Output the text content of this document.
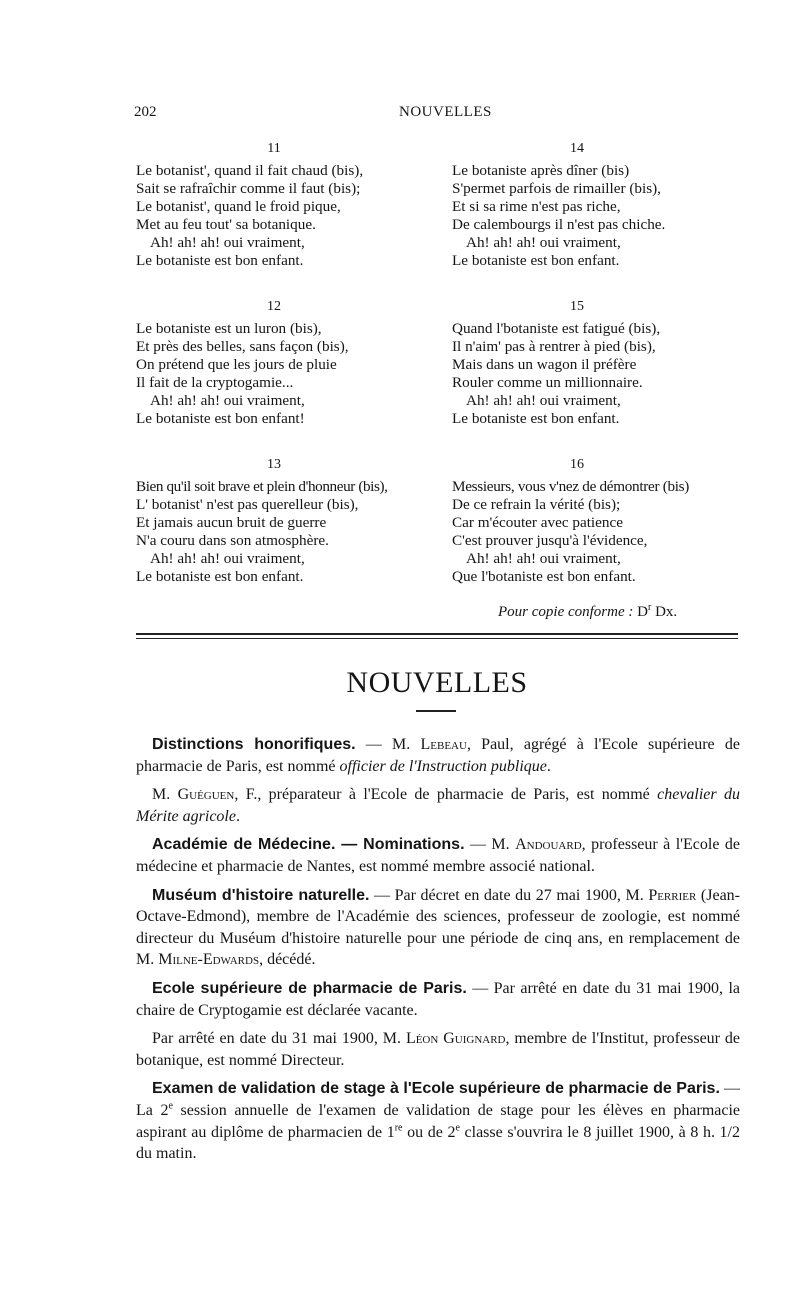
202	NOUVELLES
11
Le botanist', quand il fait chaud (bis),
Sait se rafraîchir comme il faut (bis);
Le botanist', quand le froid pique,
Met au feu tout' sa botanique.
Ah! ah! ah! oui vraiment,
Le botaniste est bon enfant.
12
Le botaniste est un luron (bis),
Et près des belles, sans façon (bis),
On prétend que les jours de pluie
Il fait de la cryptogamie...
Ah! ah! ah! oui vraiment,
Le botaniste est bon enfant!
13
Bien qu'il soit brave et plein d'honneur (bis),
L' botanist' n'est pas querelleur (bis),
Et jamais aucun bruit de guerre
N'a couru dans son atmosphère.
Ah! ah! ah! oui vraiment,
Le botaniste est bon enfant.
14
Le botaniste après dîner (bis)
S'permet parfois de rimailler (bis),
Et si sa rime n'est pas riche,
De calembourgs il n'est pas chiche.
Ah! ah! ah! oui vraiment,
Le botaniste est bon enfant.
15
Quand l'botaniste est fatigué (bis),
Il n'aim' pas à rentrer à pied (bis),
Mais dans un wagon il préfère
Rouler comme un millionnaire.
Ah! ah! ah! oui vraiment,
Le botaniste est bon enfant.
16
Messieurs, vous v'nez de démontrer (bis)
De ce refrain la vérité (bis);
Car m'écouter avec patience
C'est prouver jusqu'à l'évidence,
Ah! ah! ah! oui vraiment,
Que l'botaniste est bon enfant.
Pour copie conforme : $D^r$ Dx.
NOUVELLES

Distinctions honorifiques. — M. Lebeau, Paul, agrégé à l'Ecole supérieure de pharmacie de Paris, est nommé officier de l'Instruction publique.

M. Guéguen, F., préparateur à l'Ecole de pharmacie de Paris, est nommé chevalier du Mérite agricole.

Académie de Médecine. — Nominations. — M. Andouard, professeur à l'Ecole de médecine et pharmacie de Nantes, est nommé membre associé national.

Muséum d'histoire naturelle. — Par décret en date du 27 mai 1900, M. Perrier (Jean-Octave-Edmond), membre de l'Académie des sciences, professeur de zoologie, est nommé directeur du Muséum d'histoire naturelle pour une période de cinq ans, en remplacement de M. Milne-Edwards, décédé.

Ecole supérieure de pharmacie de Paris. — Par arrêté en date du 31 mai 1900, la chaire de Cryptogamie est déclarée vacante.

Par arrêté en date du 31 mai 1900, M. Léon Guignard, membre de l'Institut, professeur de botanique, est nommé Directeur.

Examen de validation de stage à l'Ecole supérieure de pharmacie de Paris. — La 2e session annuelle de l'examen de validation de stage pour les élèves en pharmacie aspirant au diplôme de pharmacien de 1re ou de 2e classe s'ouvrira le 8 juillet 1900, à 8 h. 1/2 du matin.
